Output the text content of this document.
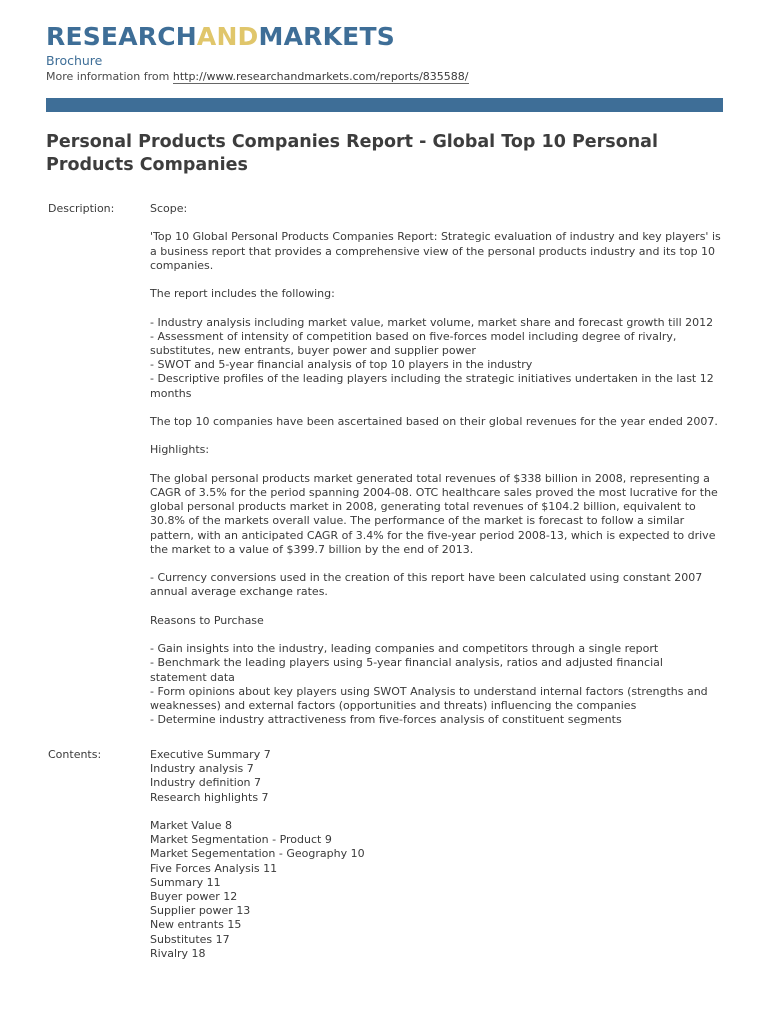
RESEARCHANDMARKETS
Brochure
More information from http://www.researchandmarkets.com/reports/835588/
Personal Products Companies Report - Global Top 10 Personal Products Companies
Description:	Scope:

'Top 10 Global Personal Products Companies Report: Strategic evaluation of industry and key players' is a business report that provides a comprehensive view of the personal products industry and its top 10 companies.

The report includes the following:

- Industry analysis including market value, market volume, market share and forecast growth till 2012
- Assessment of intensity of competition based on five-forces model including degree of rivalry, substitutes, new entrants, buyer power and supplier power
- SWOT and 5-year financial analysis of top 10 players in the industry
- Descriptive profiles of the leading players including the strategic initiatives undertaken in the last 12 months

The top 10 companies have been ascertained based on their global revenues for the year ended 2007.

Highlights:

The global personal products market generated total revenues of $338 billion in 2008, representing a CAGR of 3.5% for the period spanning 2004-08. OTC healthcare sales proved the most lucrative for the global personal products market in 2008, generating total revenues of $104.2 billion, equivalent to 30.8% of the markets overall value. The performance of the market is forecast to follow a similar pattern, with an anticipated CAGR of 3.4% for the five-year period 2008-13, which is expected to drive the market to a value of $399.7 billion by the end of 2013.

- Currency conversions used in the creation of this report have been calculated using constant 2007 annual average exchange rates.

Reasons to Purchase

- Gain insights into the industry, leading companies and competitors through a single report
- Benchmark the leading players using 5-year financial analysis, ratios and adjusted financial statement data
- Form opinions about key players using SWOT Analysis to understand internal factors (strengths and weaknesses) and external factors (opportunities and threats) influencing the companies
- Determine industry attractiveness from five-forces analysis of constituent segments

Contents:	Executive Summary 7
Industry analysis 7
Industry definition 7
Research highlights 7

Market Value 8
Market Segmentation - Product 9
Market Segementation - Geography 10
Five Forces Analysis 11
Summary 11
Buyer power 12
Supplier power 13
New entrants 15
Substitutes 17
Rivalry 18
